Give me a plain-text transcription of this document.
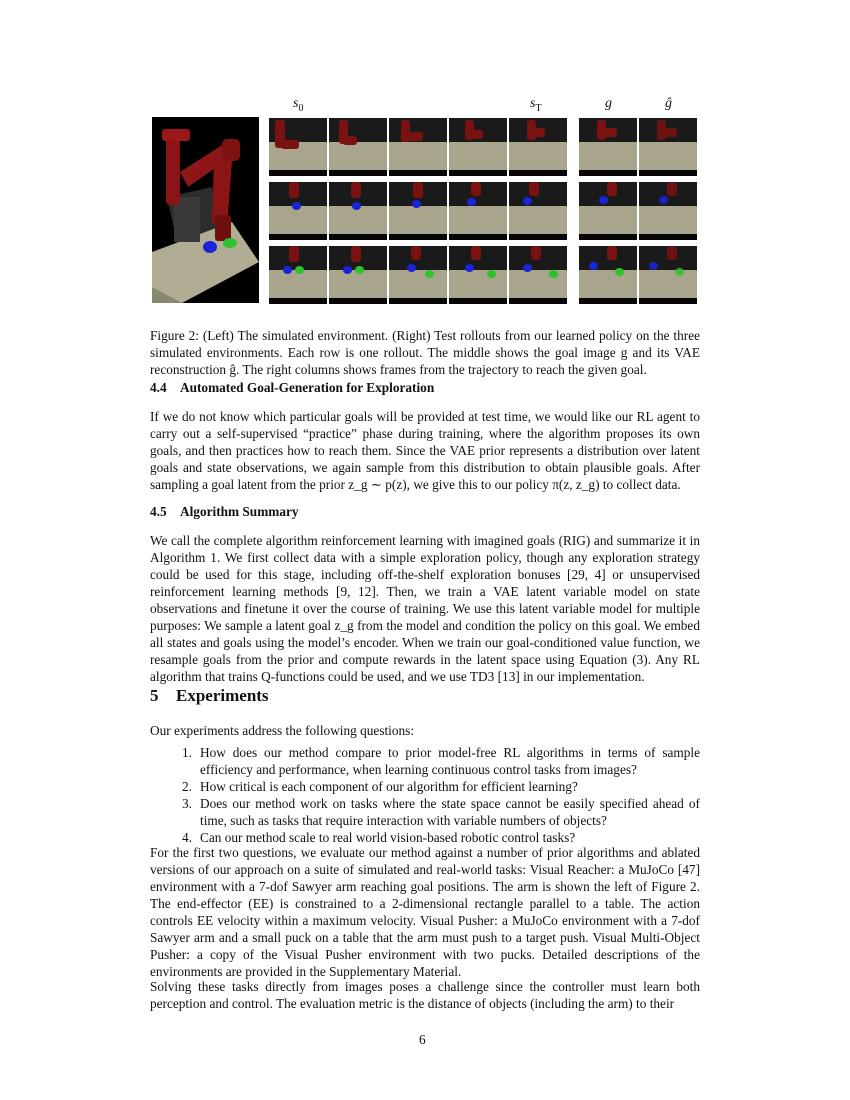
$s_0$	$s_T$	g	ĝ

Figure 2: (Left) The simulated environment. (Right) Test rollouts from our learned policy on the three simulated environments. Each row is one rollout. The middle shows the goal image g and its VAE reconstruction ĝ. The right columns shows frames from the trajectory to reach the given goal.

4.4 Automated Goal-Generation for Exploration

If we do not know which particular goals will be provided at test time, we would like our RL agent to carry out a self-supervised “practice” phase during training, where the algorithm proposes its own goals, and then practices how to reach them. Since the VAE prior represents a distribution over latent goals and state observations, we again sample from this distribution to obtain plausible goals. After sampling a goal latent from the prior z_g ∼ p(z), we give this to our policy π(z, z_g) to collect data.

4.5 Algorithm Summary

We call the complete algorithm reinforcement learning with imagined goals (RIG) and summarize it in Algorithm 1. We first collect data with a simple exploration policy, though any exploration strategy could be used for this stage, including off-the-shelf exploration bonuses [29, 4] or unsupervised reinforcement learning methods [9, 12]. Then, we train a VAE latent variable model on state observations and finetune it over the course of training. We use this latent variable model for multiple purposes: We sample a latent goal z_g from the model and condition the policy on this goal. We embed all states and goals using the model’s encoder. When we train our goal-conditioned value function, we resample goals from the prior and compute rewards in the latent space using Equation (3). Any RL algorithm that trains Q-functions could be used, and we use TD3 [13] in our implementation.

5 Experiments

Our experiments address the following questions:

1. How does our method compare to prior model-free RL algorithms in terms of sample efficiency and performance, when learning continuous control tasks from images?
2. How critical is each component of our algorithm for efficient learning?
3. Does our method work on tasks where the state space cannot be easily specified ahead of time, such as tasks that require interaction with variable numbers of objects?
4. Can our method scale to real world vision-based robotic control tasks?

For the first two questions, we evaluate our method against a number of prior algorithms and ablated versions of our approach on a suite of simulated and real-world tasks: Visual Reacher: a MuJoCo [47] environment with a 7-dof Sawyer arm reaching goal positions. The arm is shown the left of Figure 2. The end-effector (EE) is constrained to a 2-dimensional rectangle parallel to a table. The action controls EE velocity within a maximum velocity. Visual Pusher: a MuJoCo environment with a 7-dof Sawyer arm and a small puck on a table that the arm must push to a target push. Visual Multi-Object Pusher: a copy of the Visual Pusher environment with two pucks. Detailed descriptions of the environments are provided in the Supplementary Material.

Solving these tasks directly from images poses a challenge since the controller must learn both perception and control. The evaluation metric is the distance of objects (including the arm) to their

6
